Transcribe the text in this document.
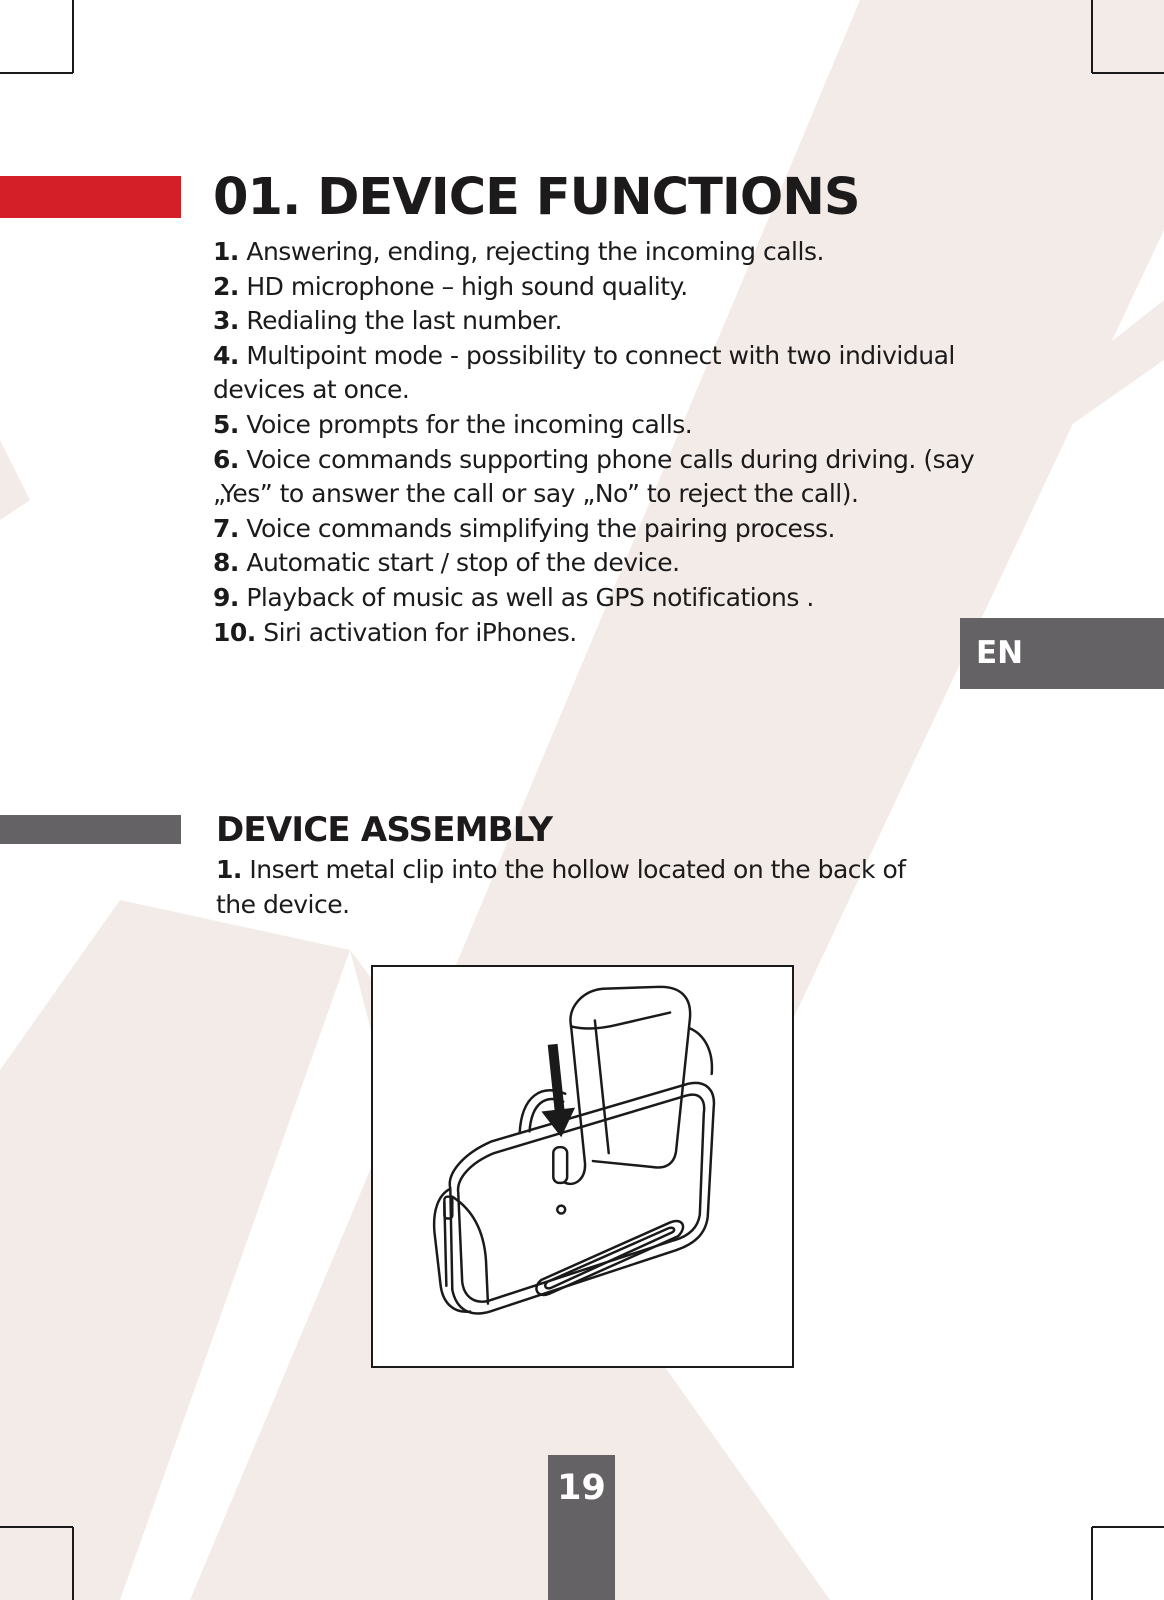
01. DEVICE FUNCTIONS
1. Answering, ending, rejecting the incoming calls.
2. HD microphone – high sound quality.
3. Redialing the last number.
4. Multipoint mode - possibility to connect with two individual devices at once.
5. Voice prompts for the incoming calls.
6. Voice commands supporting phone calls during driving. (say „Yes” to answer the call or say „No” to reject the call).
7. Voice commands simplifying the pairing process.
8. Automatic start / stop of the device.
9. Playback of music as well as GPS notifications .
10. Siri activation for iPhones.
EN
DEVICE ASSEMBLY

1. Insert metal clip into the hollow located on the back of the device.

19
